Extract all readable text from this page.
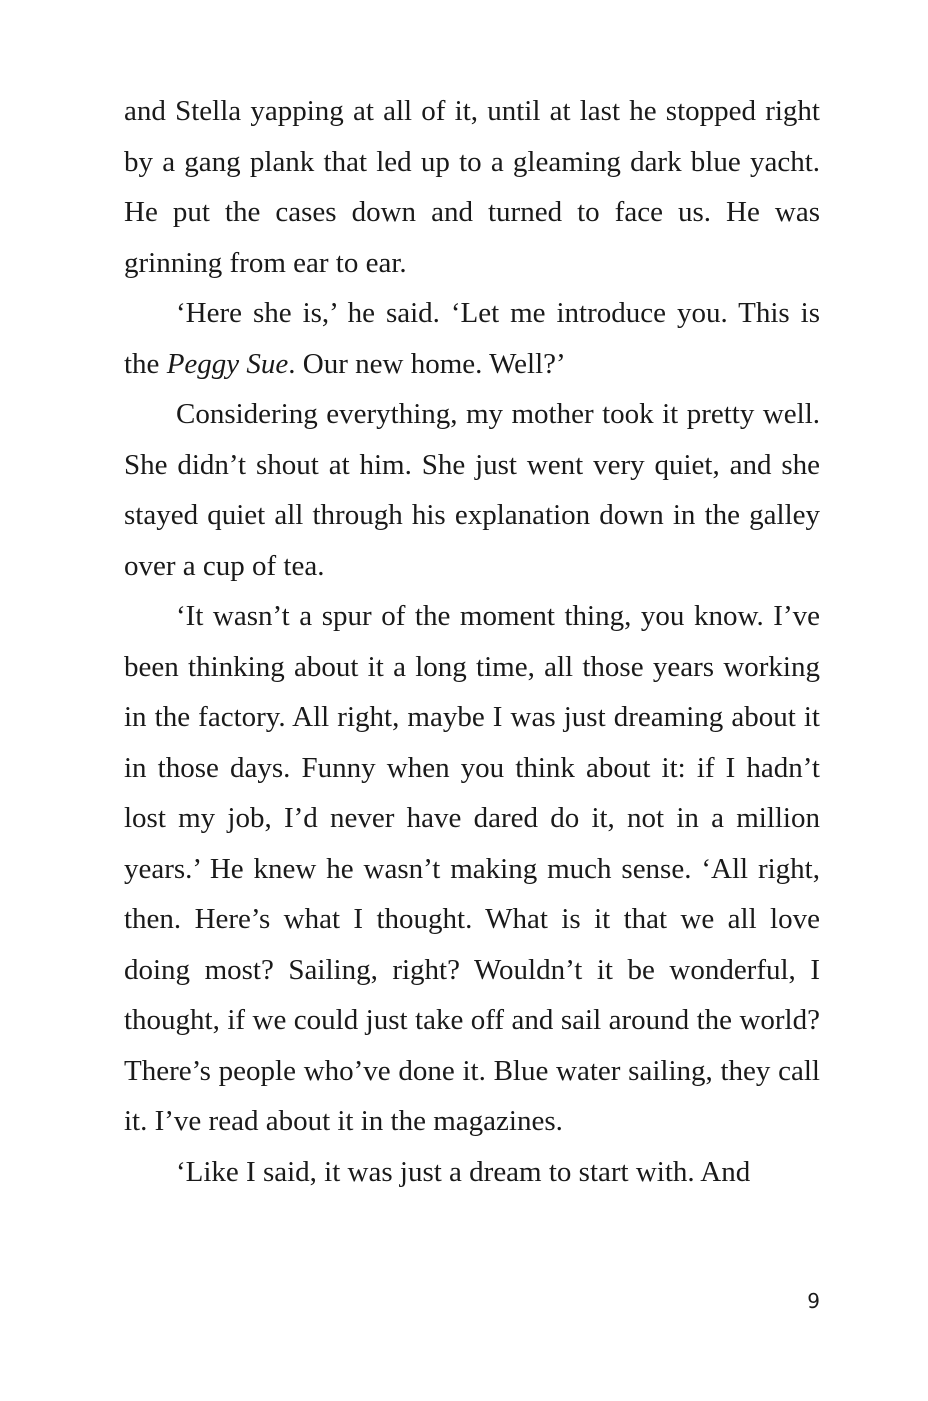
and Stella yapping at all of it, until at last he stopped right by a gang plank that led up to a gleaming dark blue yacht. He put the cases down and turned to face us. He was grinning from ear to ear.

‘Here she is,’ he said. ‘Let me introduce you. This is the Peggy Sue. Our new home. Well?’

Considering everything, my mother took it pretty well. She didn’t shout at him. She just went very quiet, and she stayed quiet all through his explanation down in the galley over a cup of tea.

‘It wasn’t a spur of the moment thing, you know. I’ve been thinking about it a long time, all those years working in the factory. All right, maybe I was just dreaming about it in those days. Funny when you think about it: if I hadn’t lost my job, I’d never have dared do it, not in a million years.’ He knew he wasn’t making much sense. ‘All right, then. Here’s what I thought. What is it that we all love doing most? Sailing, right? Wouldn’t it be wonderful, I thought, if we could just take off and sail around the world? There’s people who’ve done it. Blue water sailing, they call it. I’ve read about it in the magazines.

‘Like I said, it was just a dream to start with. And

9
